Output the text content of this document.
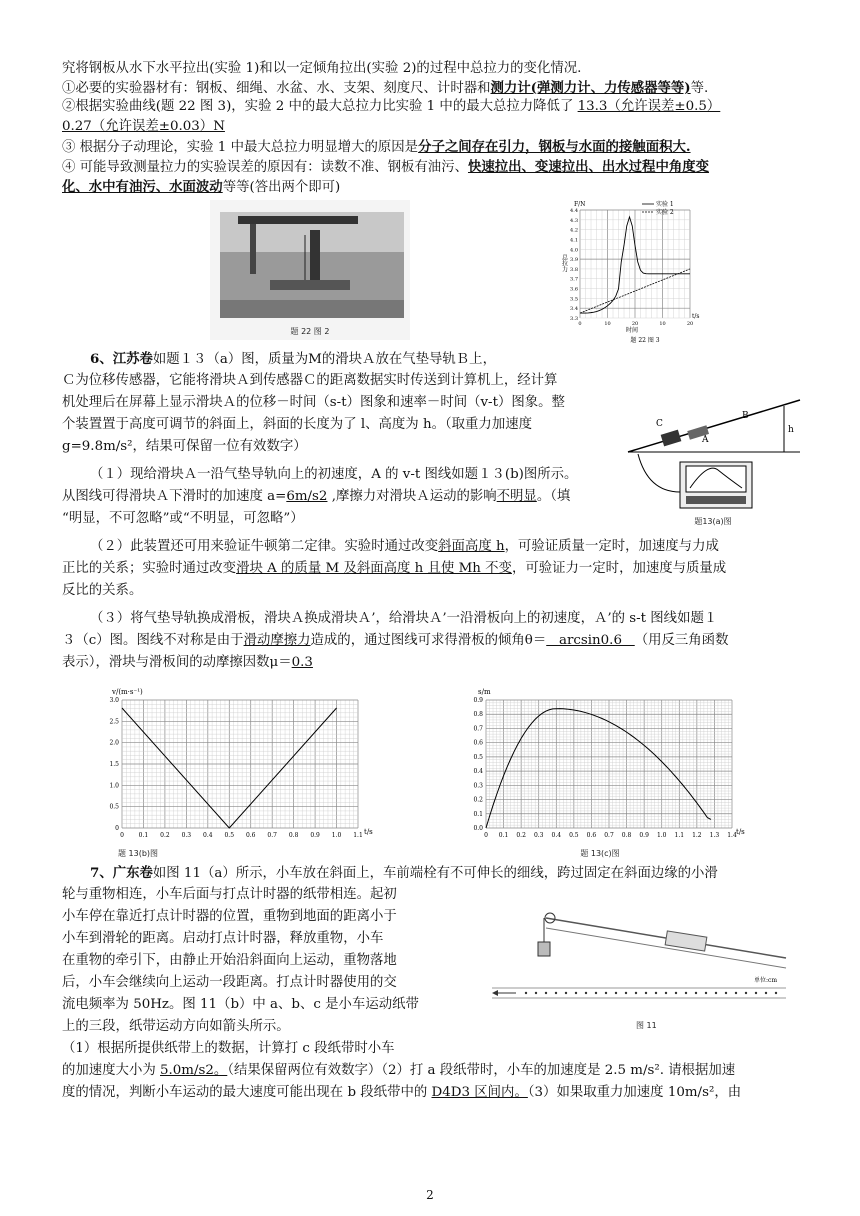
究将钢板从水下水平拉出(实验 1)和以一定倾角拉出(实验 2)的过程中总拉力的变化情况.
①必要的实验器材有：钢板、细绳、水盆、水、支架、刻度尺、计时器和测力计(弹测力计、力传感器等等)等.
②根据实验曲线(题 22 图 3)，实验 2 中的最大总拉力比实验 1 中的最大总拉力降低了 13.3（允许误差±0.5）
0.27（允许误差±0.03）N
③ 根据分子动理论，实验 1 中最大总拉力明显增大的原因是分子之间存在引力，钢板与水面的接触面积大.
④ 可能导致测量拉力的实验误差的原因有：读数不准、钢板有油污、快速拉出、变速拉出、出水过程中角度变
化、水中有油污、水面波动等等(答出两个即可)
题 22 图 2
3.3
3.4
3.5
3.6
3.7
3.8
3.9
4.0
4.1
4.2
4.3
4.4
0	10	20	10	20
F/N	实验 1
实验 2
时间
t/s
总拉力
题 22 图 3
6、江苏卷如题１３（a）图，质量为M的滑块Ａ放在气垫导轨Ｂ上，
Ｃ为位移传感器，它能将滑块Ａ到传感器Ｃ的距离数据实时传送到计算机上，经计算
机处理后在屏幕上显示滑块Ａ的位移－时间（s-t）图象和速率－时间（v-t）图象。整
个装置置于高度可调节的斜面上，斜面的长度为了 l、高度为 h。（取重力加速度
g=9.8m/s²，结果可保留一位有效数字）
（１）现给滑块Ａ一沿气垫导轨向上的初速度，A 的 v-t 图线如题１３(b)图所示。
从图线可得滑块Ａ下滑时的加速度 a=6m/s2 ,摩擦力对滑块Ａ运动的影响不明显。（填
“明显，不可忽略”或“不明显，可忽略”）
（２）此装置还可用来验证牛顿第二定律。实验时通过改变斜面高度 h，可验证质量一定时，加速度与力成
正比的关系；实验时通过改变滑块 A 的质量 M 及斜面高度 h 且使 Mh 不变，可验证力一定时，加速度与质量成
反比的关系。
（３）将气垫导轨换成滑板，滑块Ａ换成滑块Ａ’，给滑块Ａ’一沿滑板向上的初速度，Ａ’的 s-t 图线如题１
３（c）图。图线不对称是由于滑动摩擦力造成的，通过图线可求得滑板的倾角θ＝   arcsin0.6   （用反三角函数
表示），滑块与滑板间的动摩擦因数μ＝0.3
C
A
B
h
题13(a)图
0 0.1 0.2 0.3 0.4 0.5 0.6 0.7 0.8 0.9 1.0 1.1
0
0.5
1.0
1.5
2.0
2.5
3.0
v/(m·s⁻¹)
t/s
题 13(b)图
0 0.1 0.2 0.3 0.4 0.5 0.6 0.7 0.8 0.9 1.0 1.1 1.2 1.3 1.4
0.0
0.1
0.2
0.3
0.4
0.5
0.6
0.7
0.8
0.9
s/m
t/s
题 13(c)图
7、广东卷如图 11（a）所示，小车放在斜面上，车前端栓有不可伸长的细线，跨过固定在斜面边缘的小滑
轮与重物相连，小车后面与打点计时器的纸带相连。起初
小车停在靠近打点计时器的位置，重物到地面的距离小于
小车到滑轮的距离。启动打点计时器，释放重物，小车
在重物的牵引下，由静止开始沿斜面向上运动，重物落地
后，小车会继续向上运动一段距离。打点计时器使用的交
流电频率为 50Hz。图 11（b）中 a、b、c 是小车运动纸带
上的三段，纸带运动方向如箭头所示。
（1）根据所提供纸带上的数据，计算打 c 段纸带时小车
的加速度大小为 5.0m/s2。（结果保留两位有效数字）（2）打 a 段纸带时，小车的加速度是 2.5 m/s². 请根据加速
度的情况，判断小车运动的最大速度可能出现在 b 段纸带中的 D4D3 区间内。（3）如果取重力加速度 10m/s²，由
单位:cm
图 11
2
